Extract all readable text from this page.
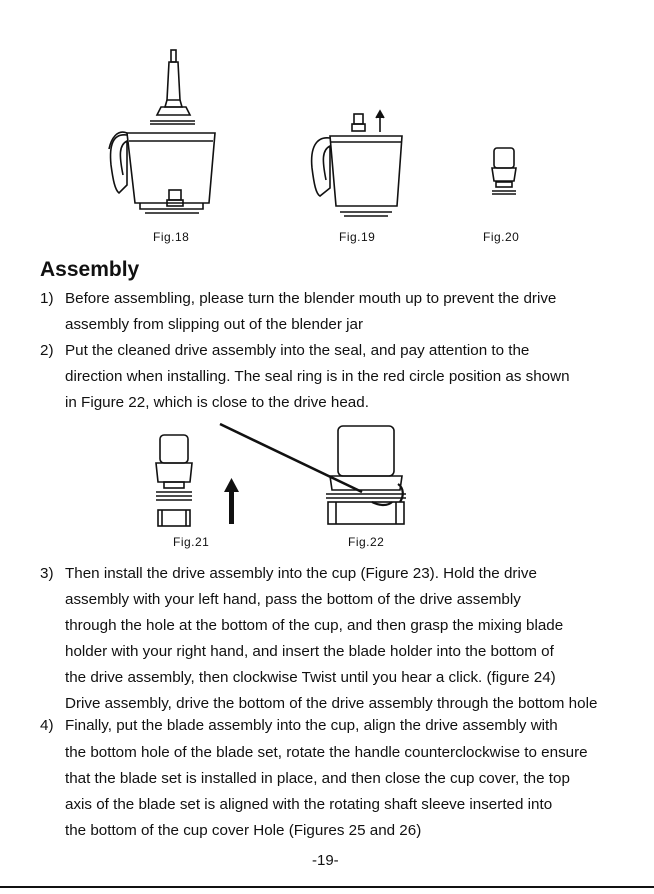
Fig.18	Fig.19	Fig.20
Assembly
1) Before assembling, please turn the blender mouth up to prevent the drive
assembly from slipping out of the blender jar
2) Put the cleaned drive assembly into the seal, and pay attention to the
direction when installing. The seal ring is in the red circle position as shown
in Figure 22, which is close to the drive head.
Fig.21	Fig.22
3) Then install the drive assembly into the cup (Figure 23). Hold the drive
assembly with your left hand, pass the bottom of the drive assembly
through the hole at the bottom of the cup, and then grasp the mixing blade
holder with your right hand, and insert the blade holder into the bottom of
the drive assembly, then clockwise Twist until you hear a click. (figure 24)
Drive assembly, drive the bottom of the drive assembly through the bottom hole
4) Finally, put the blade assembly into the cup, align the drive assembly with
the bottom hole of the blade set, rotate the handle counterclockwise to ensure
that the blade set is installed in place, and then close the cup cover, the top
axis of the blade set is aligned with the rotating shaft sleeve inserted into
the bottom of the cup cover Hole (Figures 25 and 26)
-19-
